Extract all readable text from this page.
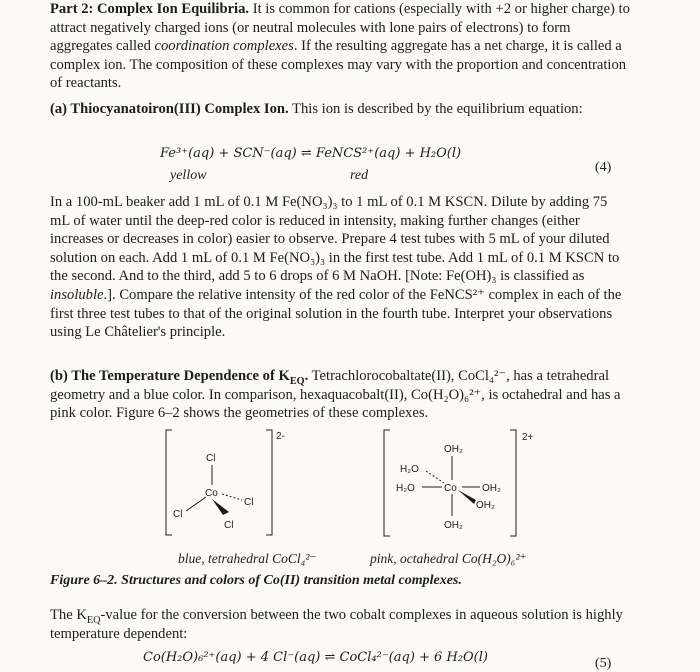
Part 2: Complex Ion Equilibria. It is common for cations (especially with +2 or higher charge) to attract negatively charged ions (or neutral molecules with lone pairs of electrons) to form aggregates called coordination complexes. If the resulting aggregate has a net charge, it is called a complex ion. The composition of these complexes may vary with the proportion and concentration of reactants.

(a) Thiocyanatoiron(III) Complex Ion. This ion is described by the equilibrium equation:

Fe³⁺(aq) + SCN⁻(aq) ⇌ FeNCS²⁺(aq) + H₂O(l)
yellow	red
(4)

In a 100-mL beaker add 1 mL of 0.1 M Fe(NO₃)₃ to 1 mL of 0.1 M KSCN. Dilute by adding 75 mL of water until the deep-red color is reduced in intensity, making further changes (either increases or decreases in color) easier to observe. Prepare 4 test tubes with 5 mL of your diluted solution on each. Add 1 mL of 0.1 M Fe(NO₃)₃ in the first test tube. Add 1 mL of 0.1 M KSCN to the second. And to the third, add 5 to 6 drops of 6 M NaOH. [Note: Fe(OH)₃ is classified as insoluble.]. Compare the relative intensity of the red color of the FeNCS²⁺ complex in each of the first three test tubes to that of the original solution in the fourth tube. Interpret your observations using Le Châtelier's principle.

(b) The Temperature Dependence of $K_{EQ}$. Tetrachlorocobaltate(II), CoCl₄²⁻, has a tetrahedral geometry and a blue color. In comparison, hexaquacobalt(II), Co(H₂O)₆²⁺, is octahedral and has a pink color. Figure 6–2 shows the geometries of these complexes.

2-
Cl
Co
Cl
Cl
Cl
2+
OH₂
H₂O
H₂O	Co	OH₂
OH₂
OH₂
blue, tetrahedral CoCl₄²⁻	pink, octahedral Co(H₂O)₆²⁺
Figure 6–2. Structures and colors of Co(II) transition metal complexes.

The $K_{EQ}$-value for the conversion between the two cobalt complexes in aqueous solution is highly temperature dependent:

Co(H₂O)₆²⁺(aq) + 4 Cl⁻(aq) ⇌ CoCl₄²⁻(aq) + 6 H₂O(l)	(5)
